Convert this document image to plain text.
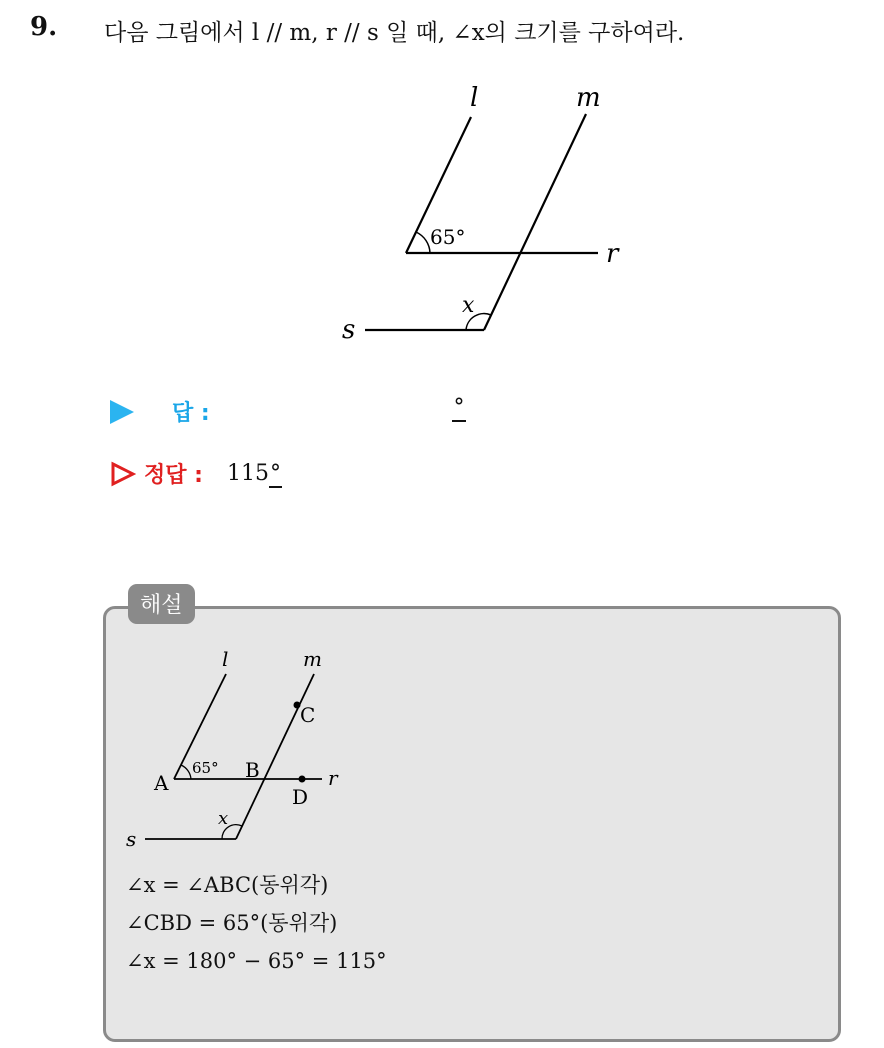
9. 다음 그림에서 l // m, r // s 일 때, ∠x의 크기를 구하여라.
l	m
r
s
65°
x
답 :	°
정답 : 115°
해설
l	m
r
s
A
B
C
D
65°
x
∠x = ∠ABC(동위각)
∠CBD = 65°(동위각)
∠x = 180° − 65° = 115°
